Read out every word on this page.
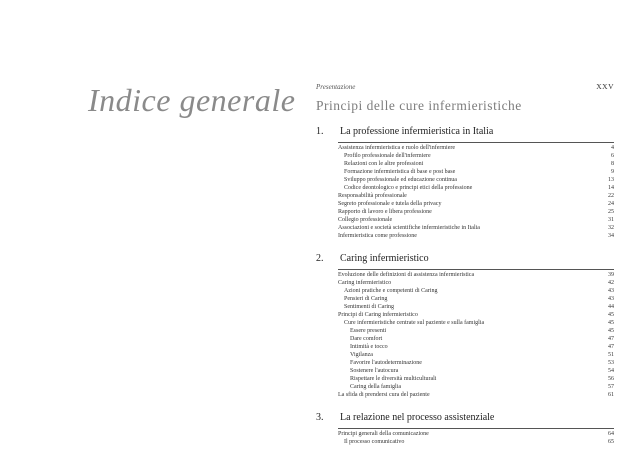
Indice generale	Presentazione	XXV
Principi delle cure infermieristiche
1.	La professione infermieristica in Italia
Assistenza infermieristica e ruolo dell'infermiere	4
Profilo professionale dell'infermiere	6
Relazioni con le altre professioni	8
Formazione infermieristica di base e post base	9
Sviluppo professionale ed educazione continua	13
Codice deontologico e principi etici della professione	14
Responsabilità professionale	22
Segreto professionale e tutela della privacy	24
Rapporto di lavoro e libera professione	25
Collegio professionale	31
Associazioni e società scientifiche infermieristiche in Italia	32
Infermieristica come professione	34
2.	Caring infermieristico
Evoluzione delle definizioni di assistenza infermieristica	39
Caring infermieristico	42
Azioni pratiche e competenti di Caring	43
Pensieri di Caring	43
Sentimenti di Caring	44
Principi di Caring infermieristico	45
Cure infermieristiche centrate sul paziente e sulla famiglia	45
Essere presenti	45
Dare comfort	47
Intimità e tocco	47
Vigilanza	51
Favorire l'autodeterminazione	53
Sostenere l'autocura	54
Rispettare le diversità multiculturali	56
Caring della famiglia	57
La sfida di prendersi cura del paziente	61
3.	La relazione nel processo assistenziale
Principi generali della comunicazione	64
Il processo comunicativo	65
